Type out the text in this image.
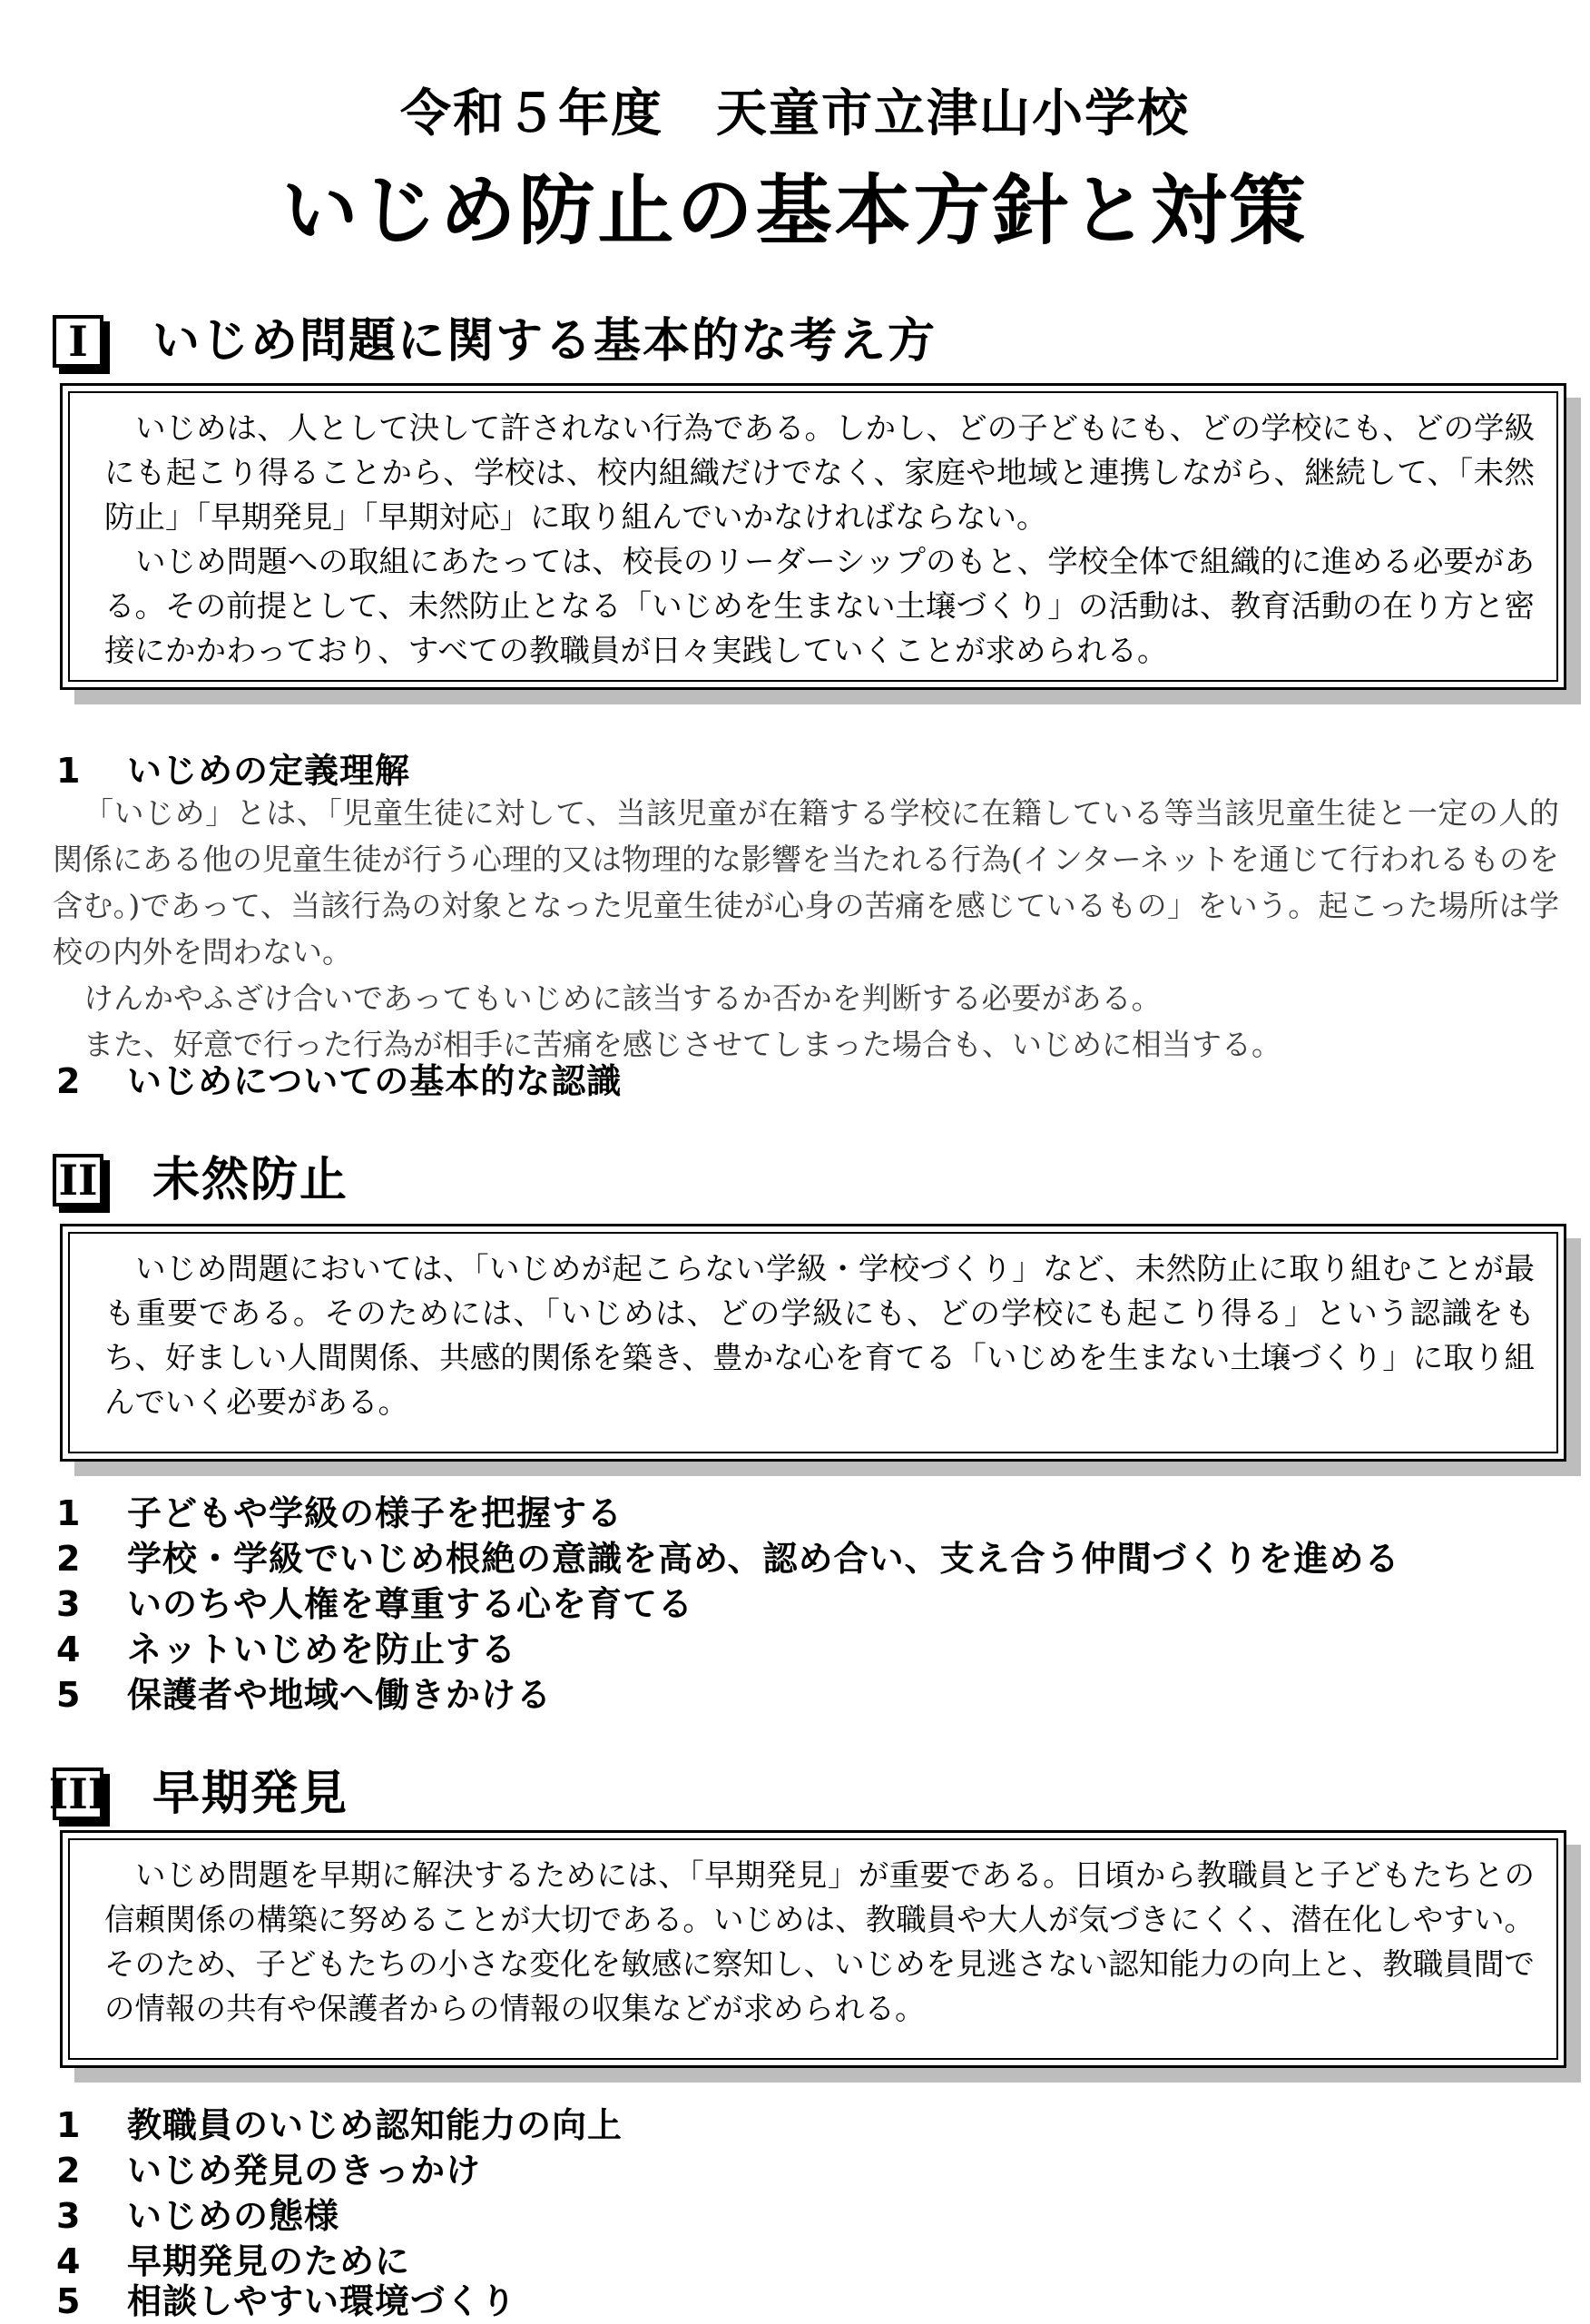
令和５年度　天童市立津山小学校
いじめ防止の基本方針と対策
I	いじめ問題に関する基本的な考え方

いじめは、人として決して許されない行為である。しかし、どの子どもにも、どの学校にも、どの学級にも起こり得ることから、学校は、校内組織だけでなく、家庭や地域と連携しながら、継続して、「未然防止」「早期発見」「早期対応」に取り組んでいかなければならない。

いじめ問題への取組にあたっては、校長のリーダーシップのもと、学校全体で組織的に進める必要がある。その前提として、未然防止となる「いじめを生まない土壌づくり」の活動は、教育活動の在り方と密接にかかわっており、すべての教職員が日々実践していくことが求められる。

1 いじめの定義理解

「いじめ」とは、「児童生徒に対して、当該児童が在籍する学校に在籍している等当該児童生徒と一定の人的関係にある他の児童生徒が行う心理的又は物理的な影響を当たれる行為(インターネットを通じて行われるものを含む。)であって、当該行為の対象となった児童生徒が心身の苦痛を感じているもの」をいう。起こった場所は学校の内外を問わない。

けんかやふざけ合いであってもいじめに該当するか否かを判断する必要がある。

また、好意で行った行為が相手に苦痛を感じさせてしまった場合も、いじめに相当する。

2 いじめについての基本的な認識
II 未然防止

いじめ問題においては、「いじめが起こらない学級・学校づくり」など、未然防止に取り組むことが最も重要である。そのためには、「いじめは、どの学級にも、どの学校にも起こり得る」という認識をもち、好ましい人間関係、共感的関係を築き、豊かな心を育てる「いじめを生まない土壌づくり」に取り組んでいく必要がある。

1 子どもや学級の様子を把握する
2 学校・学級でいじめ根絶の意識を高め、認め合い、支え合う仲間づくりを進める
3 いのちや人権を尊重する心を育てる
4 ネットいじめを防止する
5 保護者や地域へ働きかける
III 早期発見

いじめ問題を早期に解決するためには、「早期発見」が重要である。日頃から教職員と子どもたちとの信頼関係の構築に努めることが大切である。いじめは、教職員や大人が気づきにくく、潜在化しやすい。そのため、子どもたちの小さな変化を敏感に察知し、いじめを見逃さない認知能力の向上と、教職員間での情報の共有や保護者からの情報の収集などが求められる。

1 教職員のいじめ認知能力の向上
2 いじめ発見のきっかけ
3 いじめの態様
4 早期発見のために
5 相談しやすい環境づくり
